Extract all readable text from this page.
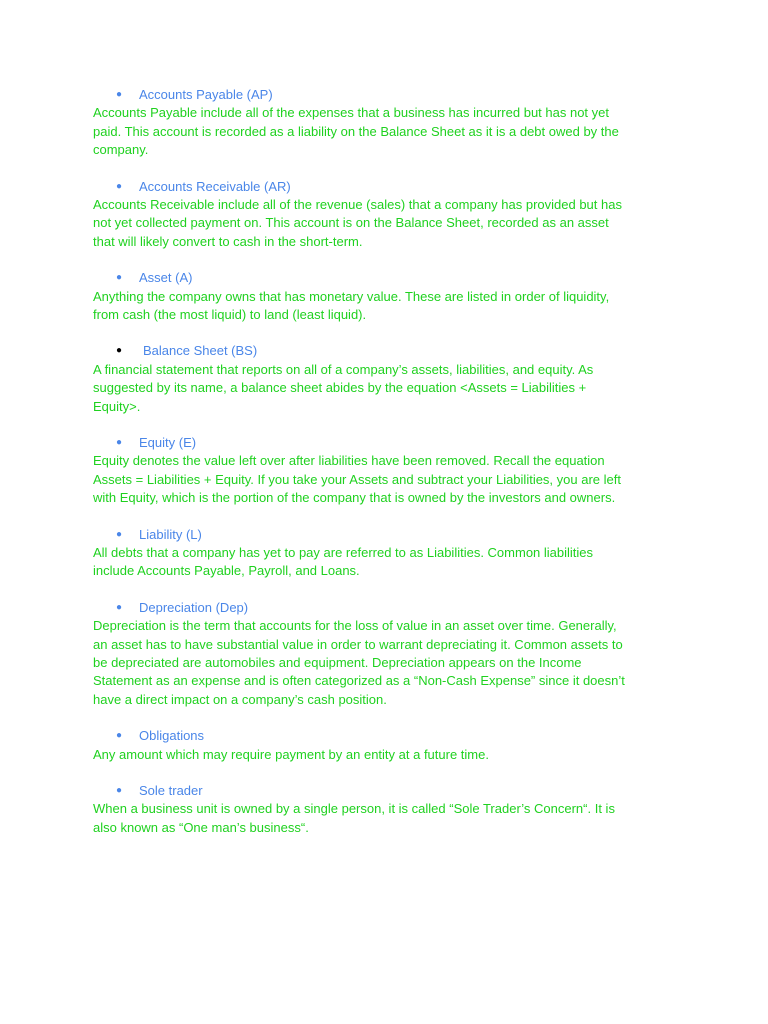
● Accounts Payable (AP)
Accounts Payable include all of the expenses that a business has incurred but has not yet
paid. This account is recorded as a liability on the Balance Sheet as it is a debt owed by the
company.
● Accounts Receivable (AR)
Accounts Receivable include all of the revenue (sales) that a company has provided but has
not yet collected payment on. This account is on the Balance Sheet, recorded as an asset
that will likely convert to cash in the short-term.
● Asset (A)
Anything the company owns that has monetary value. These are listed in order of liquidity,
from cash (the most liquid) to land (least liquid).
● Balance Sheet (BS)
A financial statement that reports on all of a company’s assets, liabilities, and equity. As
suggested by its name, a balance sheet abides by the equation <Assets = Liabilities +
Equity>.
● Equity (E)
Equity denotes the value left over after liabilities have been removed. Recall the equation
Assets = Liabilities + Equity. If you take your Assets and subtract your Liabilities, you are left
with Equity, which is the portion of the company that is owned by the investors and owners.
● Liability (L)
All debts that a company has yet to pay are referred to as Liabilities. Common liabilities
include Accounts Payable, Payroll, and Loans.
● Depreciation (Dep)
Depreciation is the term that accounts for the loss of value in an asset over time. Generally,
an asset has to have substantial value in order to warrant depreciating it. Common assets to
be depreciated are automobiles and equipment. Depreciation appears on the Income
Statement as an expense and is often categorized as a “Non-Cash Expense” since it doesn’t
have a direct impact on a company’s cash position.
● Obligations
Any amount which may require payment by an entity at a future time.
● Sole trader
When a business unit is owned by a single person, it is called “Sole Trader’s Concern“. It is
also known as “One man’s business“.
